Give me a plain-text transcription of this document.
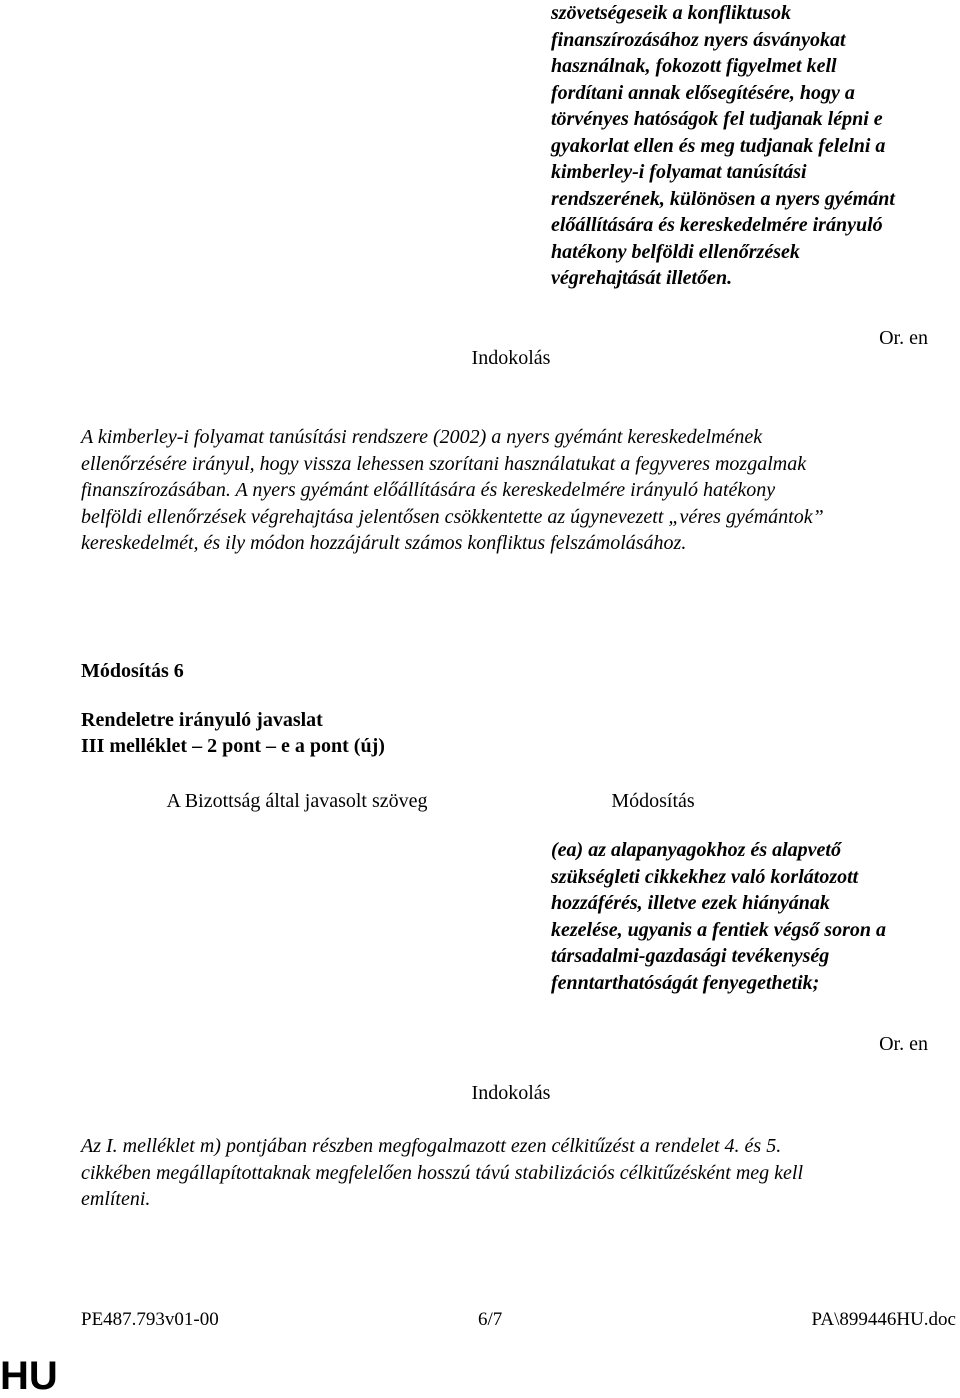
szövetségeseik a konfliktusok
finanszírozásához nyers ásványokat
használnak, fokozott figyelmet kell
fordítani annak elősegítésére, hogy a
törvényes hatóságok fel tudjanak lépni e
gyakorlat ellen és meg tudjanak felelni a
kimberley-i folyamat tanúsítási
rendszerének, különösen a nyers gyémánt
előállítására és kereskedelmére irányuló
hatékony belföldi ellenőrzések
végrehajtását illetően.
Or. en
Indokolás
A kimberley-i folyamat tanúsítási rendszere (2002) a nyers gyémánt kereskedelmének
ellenőrzésére irányul, hogy vissza lehessen szorítani használatukat a fegyveres mozgalmak
finanszírozásában. A nyers gyémánt előállítására és kereskedelmére irányuló hatékony
belföldi ellenőrzések végrehajtása jelentősen csökkentette az úgynevezett „véres gyémántok”
kereskedelmét, és ily módon hozzájárult számos konfliktus felszámolásához.
Módosítás 6
Rendeletre irányuló javaslat
III melléklet – 2 pont – e a pont (új)
A Bizottság által javasolt szöveg	Módosítás
(ea) az alapanyagokhoz és alapvető
szükségleti cikkekhez való korlátozott
hozzáférés, illetve ezek hiányának
kezelése, ugyanis a fentiek végső soron a
társadalmi-gazdasági tevékenység
fenntarthatóságát fenyegethetik;
Or. en
Indokolás
Az I. melléklet m) pontjában részben megfogalmazott ezen célkitűzést a rendelet 4. és 5.
cikkében megállapítottaknak megfelelően hosszú távú stabilizációs célkitűzésként meg kell
említeni.
PE487.793v01-00	6/7	PA\899446HU.doc
HU
